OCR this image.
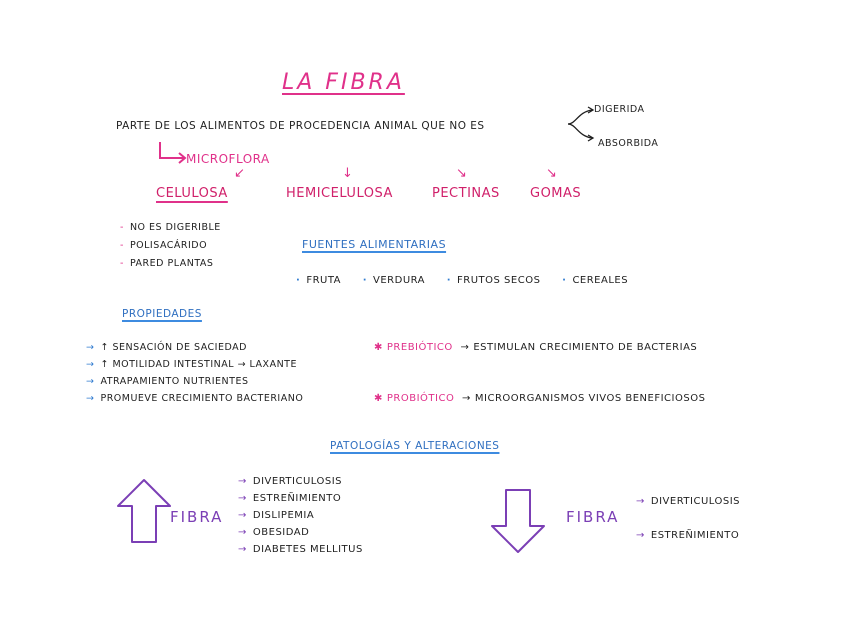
LA FIBRA
PARTE DE LOS ALIMENTOS DE PROCEDENCIA ANIMAL QUE NO ES
DIGERIDA
ABSORBIDA
MICROFLORA
↙	↓	↘	↘
CELULOSA	HEMICELULOSA	PECTINAS GOMAS
- NO ES DIGERIBLE
- POLISACÁRIDO
- PARED PLANTAS
FUENTES ALIMENTARIAS
· FRUTA · VERDURA · FRUTOS SECOS · CEREALES
PROPIEDADES
→ ↑ SENSACIÓN DE SACIEDAD
→ ↑ MOTILIDAD INTESTINAL → LAXANTE
→ ATRAPAMIENTO NUTRIENTES
→ PROMUEVE CRECIMIENTO BACTERIANO
✱ PREBIÓTICO → ESTIMULAN CRECIMIENTO DE BACTERIAS
✱ PROBIÓTICO → MICROORGANISMOS VIVOS BENEFICIOSOS
PATOLOGÍAS Y ALTERACIONES
FIBRA
→ DIVERTICULOSIS
→ ESTREÑIMIENTO
→ DISLIPEMIA
→ OBESIDAD
→ DIABETES MELLITUS
FIBRA
→ DIVERTICULOSIS
→ ESTREÑIMIENTO
